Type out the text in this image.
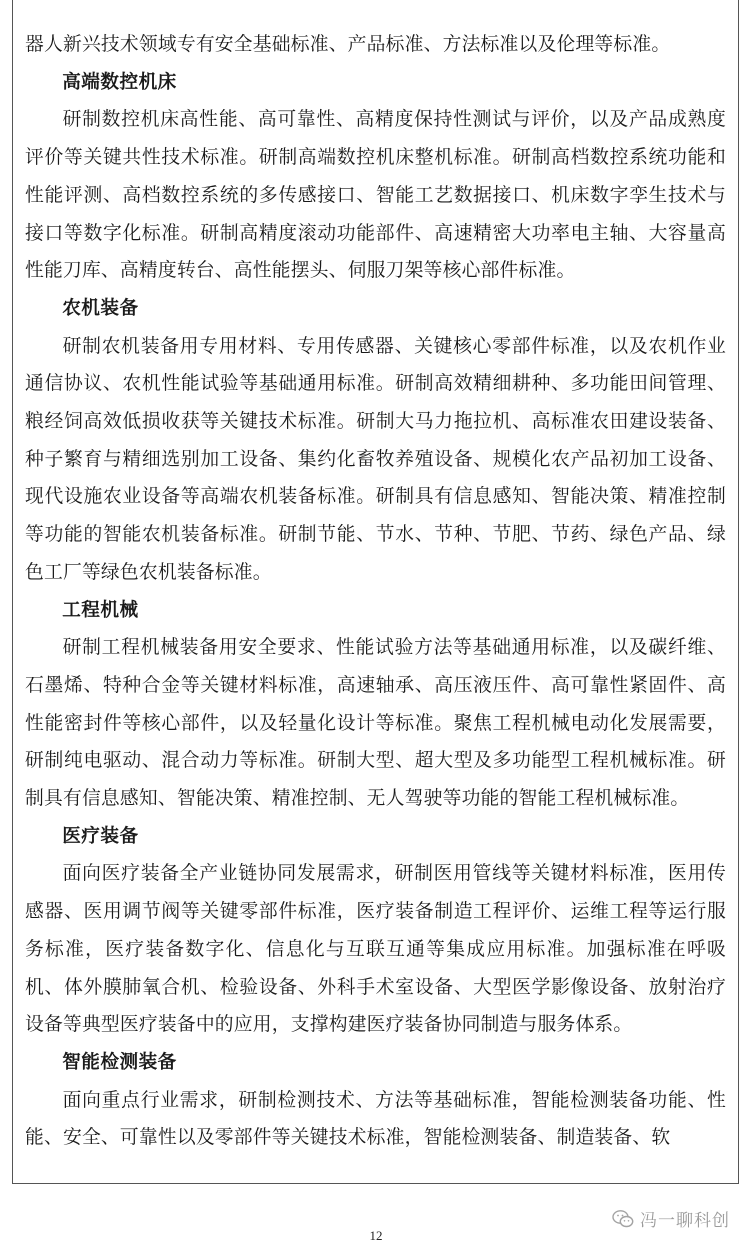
器人新兴技术领域专有安全基础标准、产品标准、方法标准以及伦理等标准。

高端数控机床

研制数控机床高性能、高可靠性、高精度保持性测试与评价，以及产品成熟度评价等关键共性技术标准。研制高端数控机床整机标准。研制高档数控系统功能和性能评测、高档数控系统的多传感接口、智能工艺数据接口、机床数字孪生技术与接口等数字化标准。研制高精度滚动功能部件、高速精密大功率电主轴、大容量高性能刀库、高精度转台、高性能摆头、伺服刀架等核心部件标准。

农机装备

研制农机装备用专用材料、专用传感器、关键核心零部件标准，以及农机作业通信协议、农机性能试验等基础通用标准。研制高效精细耕种、多功能田间管理、粮经饲高效低损收获等关键技术标准。研制大马力拖拉机、高标准农田建设装备、种子繁育与精细选别加工设备、集约化畜牧养殖设备、规模化农产品初加工设备、现代设施农业设备等高端农机装备标准。研制具有信息感知、智能决策、精准控制等功能的智能农机装备标准。研制节能、节水、节种、节肥、节药、绿色产品、绿色工厂等绿色农机装备标准。

工程机械

研制工程机械装备用安全要求、性能试验方法等基础通用标准，以及碳纤维、石墨烯、特种合金等关键材料标准，高速轴承、高压液压件、高可靠性紧固件、高性能密封件等核心部件，以及轻量化设计等标准。聚焦工程机械电动化发展需要，研制纯电驱动、混合动力等标准。研制大型、超大型及多功能型工程机械标准。研制具有信息感知、智能决策、精准控制、无人驾驶等功能的智能工程机械标准。

医疗装备

面向医疗装备全产业链协同发展需求，研制医用管线等关键材料标准，医用传感器、医用调节阀等关键零部件标准，医疗装备制造工程评价、运维工程等运行服务标准，医疗装备数字化、信息化与互联互通等集成应用标准。加强标准在呼吸机、体外膜肺氧合机、检验设备、外科手术室设备、大型医学影像设备、放射治疗设备等典型医疗装备中的应用，支撑构建医疗装备协同制造与服务体系。

智能检测装备

面向重点行业需求，研制检测技术、方法等基础标准，智能检测装备功能、性能、安全、可靠性以及零部件等关键技术标准，智能检测装备、制造装备、软

冯一聊科创
12
